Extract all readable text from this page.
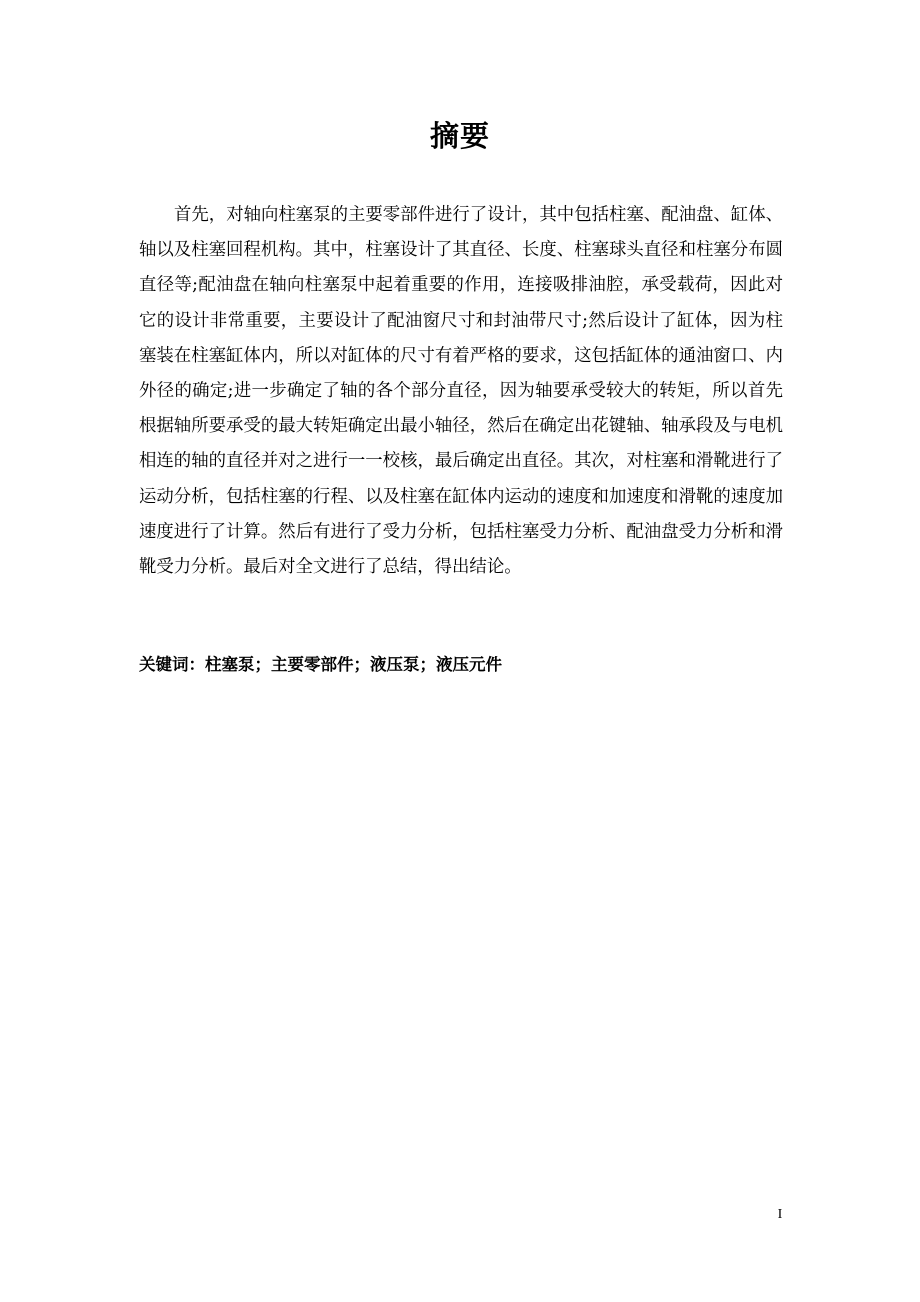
摘要

首先，对轴向柱塞泵的主要零部件进行了设计，其中包括柱塞、配油盘、缸体、轴以及柱塞回程机构。其中，柱塞设计了其直径、长度、柱塞球头直径和柱塞分布圆直径等;配油盘在轴向柱塞泵中起着重要的作用，连接吸排油腔，承受载荷，因此对它的设计非常重要，主要设计了配油窗尺寸和封油带尺寸;然后设计了缸体，因为柱塞装在柱塞缸体内，所以对缸体的尺寸有着严格的要求，这包括缸体的通油窗口、内外径的确定;进一步确定了轴的各个部分直径，因为轴要承受较大的转矩，所以首先根据轴所要承受的最大转矩确定出最小轴径，然后在确定出花键轴、轴承段及与电机相连的轴的直径并对之进行一一校核，最后确定出直径。其次，对柱塞和滑靴进行了运动分析，包括柱塞的行程、以及柱塞在缸体内运动的速度和加速度和滑靴的速度加速度进行了计算。然后有进行了受力分析，包括柱塞受力分析、配油盘受力分析和滑靴受力分析。最后对全文进行了总结，得出结论。

关键词：柱塞泵；主要零部件；液压泵；液压元件
I
